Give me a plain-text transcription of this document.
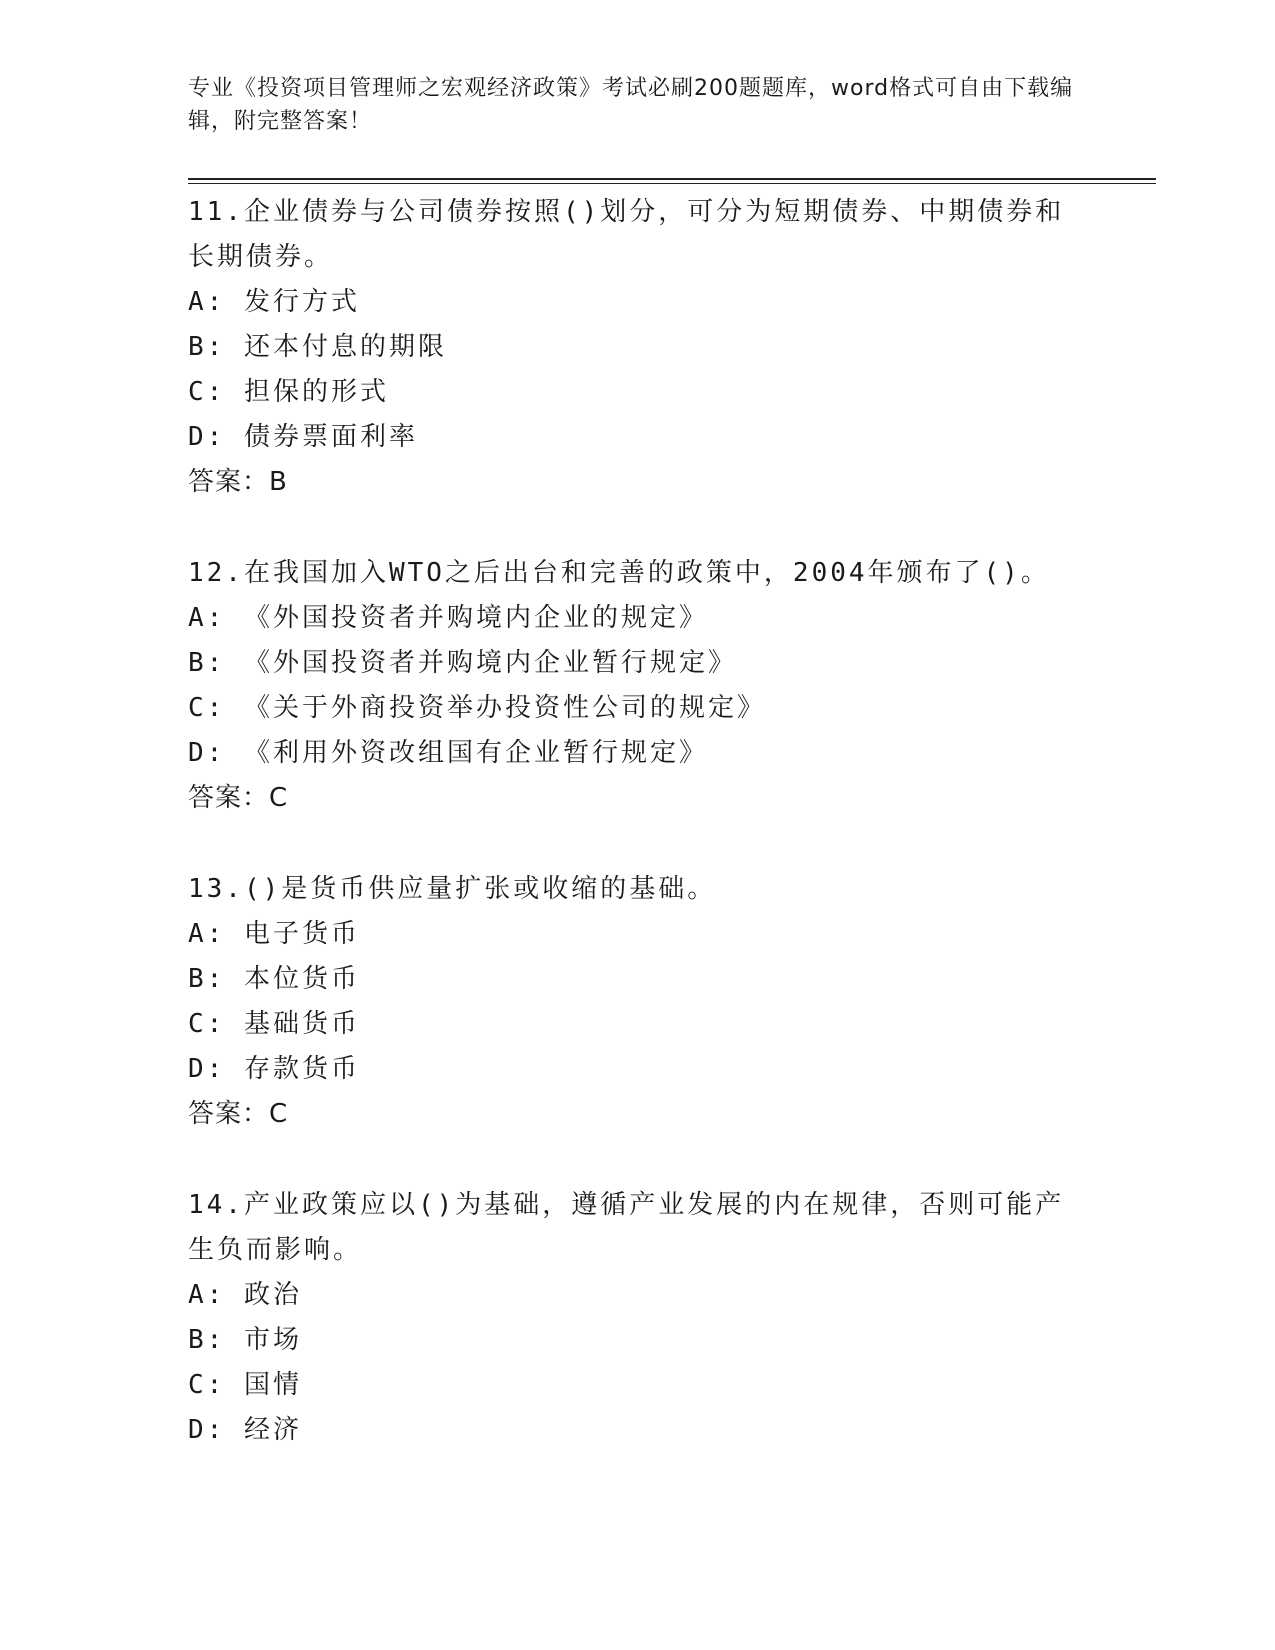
专业《投资项目管理师之宏观经济政策》考试必刷200题题库，word格式可自由下载编辑，附完整答案！
11.企业债券与公司债券按照()划分，可分为短期债券、中期债券和长期债券。
A: 发行方式
B: 还本付息的期限
C: 担保的形式
D: 债券票面利率
答案：B
12.在我国加入WTO之后出台和完善的政策中，2004年颁布了()。
A: 《外国投资者并购境内企业的规定》
B: 《外国投资者并购境内企业暂行规定》
C: 《关于外商投资举办投资性公司的规定》
D: 《利用外资改组国有企业暂行规定》
答案：C
13.()是货币供应量扩张或收缩的基础。
A: 电子货币
B: 本位货币
C: 基础货币
D: 存款货币
答案：C
14.产业政策应以()为基础，遵循产业发展的内在规律，否则可能产生负而影响。
A: 政治
B: 市场
C: 国情
D: 经济
